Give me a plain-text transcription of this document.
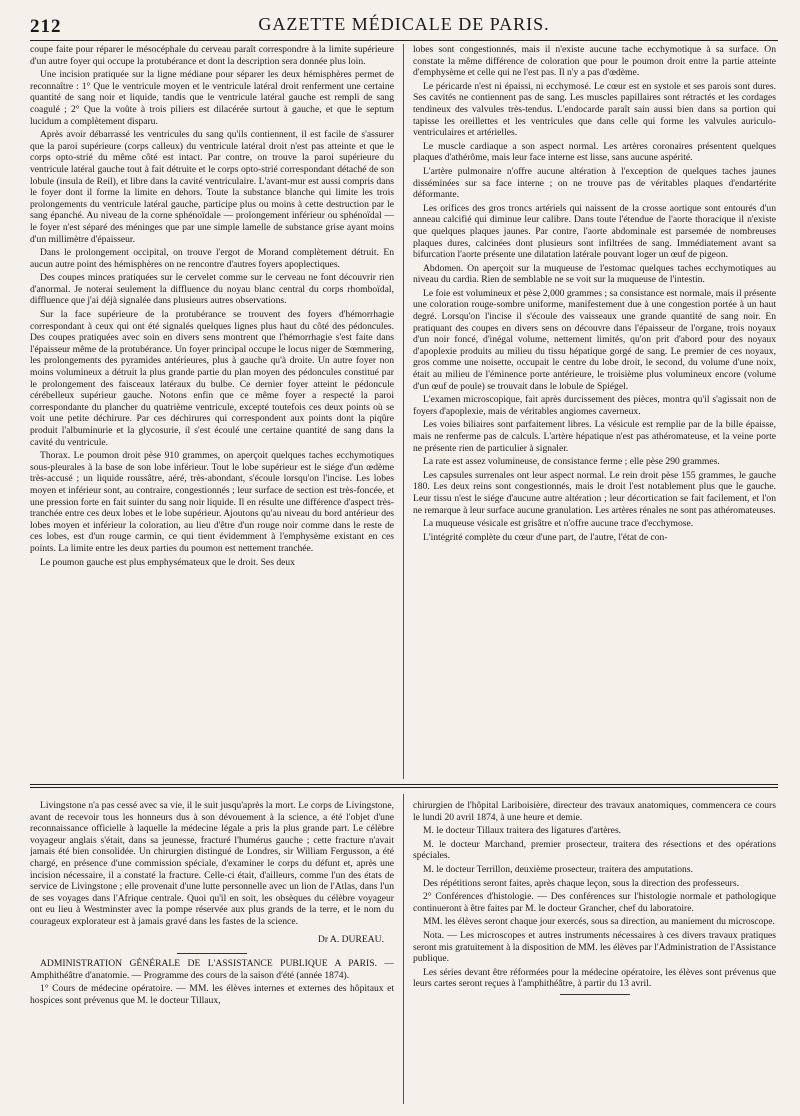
212	GAZETTE MÉDICALE DE PARIS.

coupe faite pour réparer le mésocéphale du cerveau paraît correspondre à la limite supérieure d'un autre foyer qui occupe la protubérance et dont la description sera donnée plus loin.

Une incision pratiquée sur la ligne médiane pour séparer les deux hémisphères permet de reconnaître : 1° Que le ventricule moyen et le ventricule latéral droit renferment une certaine quantité de sang noir et liquide, tandis que le ventricule latéral gauche est rempli de sang coagulé ; 2° Que la voûte à trois piliers est dilacérée surtout à gauche, et que le septum lucidum a complètement disparu.

Après avoir débarrassé les ventricules du sang qu'ils contiennent, il est facile de s'assurer que la paroi supérieure (corps calleux) du ventricule latéral droit n'est pas atteinte et que le corps opto-strié du même côté est intact. Par contre, on trouve la paroi supérieure du ventricule latéral gauche tout à fait détruite et le corps opto-strié correspondant détaché de son lobule (insula de Reil), et libre dans la cavité ventriculaire. L'avant-mur est aussi compris dans le foyer dont il forme la limite en dehors. Toute la substance blanche qui limite les trois prolongements du ventricule latéral gauche, participe plus ou moins à cette destruction par le sang épanché. Au niveau de la corne sphénoïdale — prolongement inférieur ou sphénoïdal — le foyer n'est séparé des méninges que par une simple lamelle de substance grise ayant moins d'un millimètre d'épaisseur.

Dans le prolongement occipital, on trouve l'ergot de Morand complètement détruit. En aucun autre point des hémisphères on ne rencontre d'autres foyers apoplectiques.

Des coupes minces pratiquées sur le cervelet comme sur le cerveau ne font découvrir rien d'anormal. Je noterai seulement la diffluence du noyau blanc central du corps rhomboïdal, diffluence que j'ai déjà signalée dans plusieurs autres observations.

Sur la face supérieure de la protubérance se trouvent des foyers d'hémorrhagie correspondant à ceux qui ont été signalés quelques lignes plus haut du côté des pédoncules. Des coupes pratiquées avec soin en divers sens montrent que l'hémorrhagie s'est faite dans l'épaisseur même de la protubérance. Un foyer principal occupe le locus niger de Sœmmering, les prolongements des pyramides antérieures, plus à gauche qu'à droite. Un autre foyer non moins volumineux a détruit la plus grande partie du plan moyen des pédoncules constitué par le prolongement des faisceaux latéraux du bulbe. Ce dernier foyer atteint le pédoncule cérébelleux supérieur gauche. Notons enfin que ce même foyer a respecté la paroi correspondante du plancher du quatrième ventricule, excepté toutefois ces deux points où se voit une petite déchirure. Par ces déchirures qui correspondent aux points dont la piqûre produit l'albuminurie et la glycosurie, il s'est écoulé une certaine quantité de sang dans la cavité du ventricule.

Thorax. Le poumon droit pèse 910 grammes, on aperçoit quelques taches ecchymotiques sous-pleurales à la base de son lobe inférieur. Tout le lobe supérieur est le siége d'un œdème très-accusé ; un liquide roussâtre, aéré, très-abondant, s'écoule lorsqu'on l'incise. Les lobes moyen et inférieur sont, au contraire, congestionnés ; leur surface de section est très-foncée, et une pression forte en fait suinter du sang noir liquide. Il en résulte une différence d'aspect très-tranchée entre ces deux lobes et le lobe supérieur. Ajoutons qu'au niveau du bord antérieur des lobes moyen et inférieur la coloration, au lieu d'être d'un rouge noir comme dans le reste de ces lobes, est d'un rouge carmin, ce qui tient évidemment à l'emphysème existant en ces points. La limite entre les deux parties du poumon est nettement tranchée.

Le poumon gauche est plus emphysémateux que le droit. Ses deux

lobes sont congestionnés, mais il n'existe aucune tache ecchymotique à sa surface. On constate la même différence de coloration que pour le poumon droit entre la partie atteinte d'emphysème et celle qui ne l'est pas. Il n'y a pas d'œdème.

Le péricarde n'est ni épaissi, ni ecchymosé. Le cœur est en systole et ses parois sont dures. Ses cavités ne contiennent pas de sang. Les muscles papillaires sont rétractés et les cordages tendineux des valvules très-tendus. L'endocarde paraît sain aussi bien dans sa portion qui tapisse les oreillettes et les ventricules que dans celle qui forme les valvules auriculo-ventriculaires et artérielles.

Le muscle cardiaque a son aspect normal. Les artères coronaires présentent quelques plaques d'athérôme, mais leur face interne est lisse, sans aucune aspérité.

L'artère pulmonaire n'offre aucune altération à l'exception de quelques taches jaunes disséminées sur sa face interne ; on ne trouve pas de véritables plaques d'endartérite déformante.

Les orifices des gros troncs artériels qui naissent de la crosse aortique sont entourés d'un anneau calcifié qui diminue leur calibre. Dans toute l'étendue de l'aorte thoracique il n'existe que quelques plaques jaunes. Par contre, l'aorte abdominale est parsemée de nombreuses plaques dures, calcinées dont plusieurs sont infiltrées de sang. Immédiatement avant sa bifurcation l'aorte présente une dilatation latérale pouvant loger un œuf de pigeon.

Abdomen. On aperçoit sur la muqueuse de l'estomac quelques taches ecchymotiques au niveau du cardia. Rien de semblable ne se voit sur la muqueuse de l'intestin.

Le foie est volumineux et pèse 2,000 grammes ; sa consistance est normale, mais il présente une coloration rouge-sombre uniforme, manifestement due à une congestion portée à un haut degré. Lorsqu'on l'incise il s'écoule des vaisseaux une grande quantité de sang noir. En pratiquant des coupes en divers sens on découvre dans l'épaisseur de l'organe, trois noyaux d'un noir foncé, d'inégal volume, nettement limités, qu'on prit d'abord pour des noyaux d'apoplexie produits au milieu du tissu hépatique gorgé de sang. Le premier de ces noyaux, gros comme une noisette, occupait le centre du lobe droit, le second, du volume d'une noix, était au milieu de l'éminence porte antérieure, le troisième plus volumineux encore (volume d'un œuf de poule) se trouvait dans le lobule de Spiégel.

L'examen microscopique, fait après durcissement des pièces, montra qu'il s'agissait non de foyers d'apoplexie, mais de véritables angiomes caverneux.

Les voies biliaires sont parfaitement libres. La vésicule est remplie par de la bille épaisse, mais ne renferme pas de calculs. L'artère hépatique n'est pas athéromateuse, et la veine porte ne présente rien de particulier à signaler.

La rate est assez volumineuse, de consistance ferme ; elle pèse 290 grammes.

Les capsules surrenales ont leur aspect normal. Le rein droit pèse 155 grammes, le gauche 180. Les deux reins sont congestionnés, mais le droit l'est notablement plus que le gauche. Leur tissu n'est le siége d'aucune autre altération ; leur décortication se fait facilement, et l'on ne remarque à leur surface aucune granulation. Les artères rénales ne sont pas athéromateuses.

La muqueuse vésicale est grisâtre et n'offre aucune trace d'ecchymose.

L'intégrité complète du cœur d'une part, de l'autre, l'état de con-

Livingstone n'a pas cessé avec sa vie, il le suit jusqu'après la mort. Le corps de Livingstone, avant de recevoir tous les honneurs dus à son dévouement à la science, a été l'objet d'une reconnaissance officielle à laquelle la médecine légale a pris la plus grande part. Le célèbre voyageur anglais s'était, dans sa jeunesse, fracturé l'humérus gauche ; cette fracture n'avait jamais été bien consolidée. Un chirurgien distingué de Londres, sir William Fergusson, a été chargé, en présence d'une commission spéciale, d'examiner le corps du défunt et, après une incision nécessaire, il a constaté la fracture. Celle-ci était, d'ailleurs, comme l'un des états de service de Livingstone ; elle provenait d'une lutte personnelle avec un lion de l'Atlas, dans l'un de ses voyages dans l'Afrique centrale. Quoi qu'il en soit, les obsèques du célèbre voyageur ont eu lieu à Westminster avec la pompe réservée aux plus grands de la terre, et le nom du courageux explorateur est à jamais gravé dans les fastes de la science.

Dr A. DUREAU.

ADMINISTRATION GÉNÉRALE DE L'ASSISTANCE PUBLIQUE A PARIS. — Amphithéâtre d'anatomie. — Programme des cours de la saison d'été (année 1874).

1° Cours de médecine opératoire. — MM. les élèves internes et externes des hôpitaux et hospices sont prévenus que M. le docteur Tillaux,

chirurgien de l'hôpital Lariboisière, directeur des travaux anatomiques, commencera ce cours le lundi 20 avril 1874, à une heure et demie.

M. le docteur Tillaux traitera des ligatures d'artères.

M. le docteur Marchand, premier prosecteur, traitera des résections et des opérations spéciales.

M. le docteur Terrillon, deuxième prosecteur, traitera des amputations.

Des répétitions seront faites, après chaque leçon, sous la direction des professeurs.

2° Conférences d'histologie. — Des conférences sur l'histologie normale et pathologique continueront à être faites par M. le docteur Grancher, chef du laboratoire.

MM. les élèves seront chaque jour exercés, sous sa direction, au maniement du microscope.

Nota. — Les microscopes et autres instruments nécessaires à ces divers travaux pratiques seront mis gratuitement à la disposition de MM. les élèves par l'Administration de l'Assistance publique.

Les séries devant être réformées pour la médecine opératoire, les élèves sont prévenus que leurs cartes seront reçues à l'amphithéâtre, à partir du 13 avril.
